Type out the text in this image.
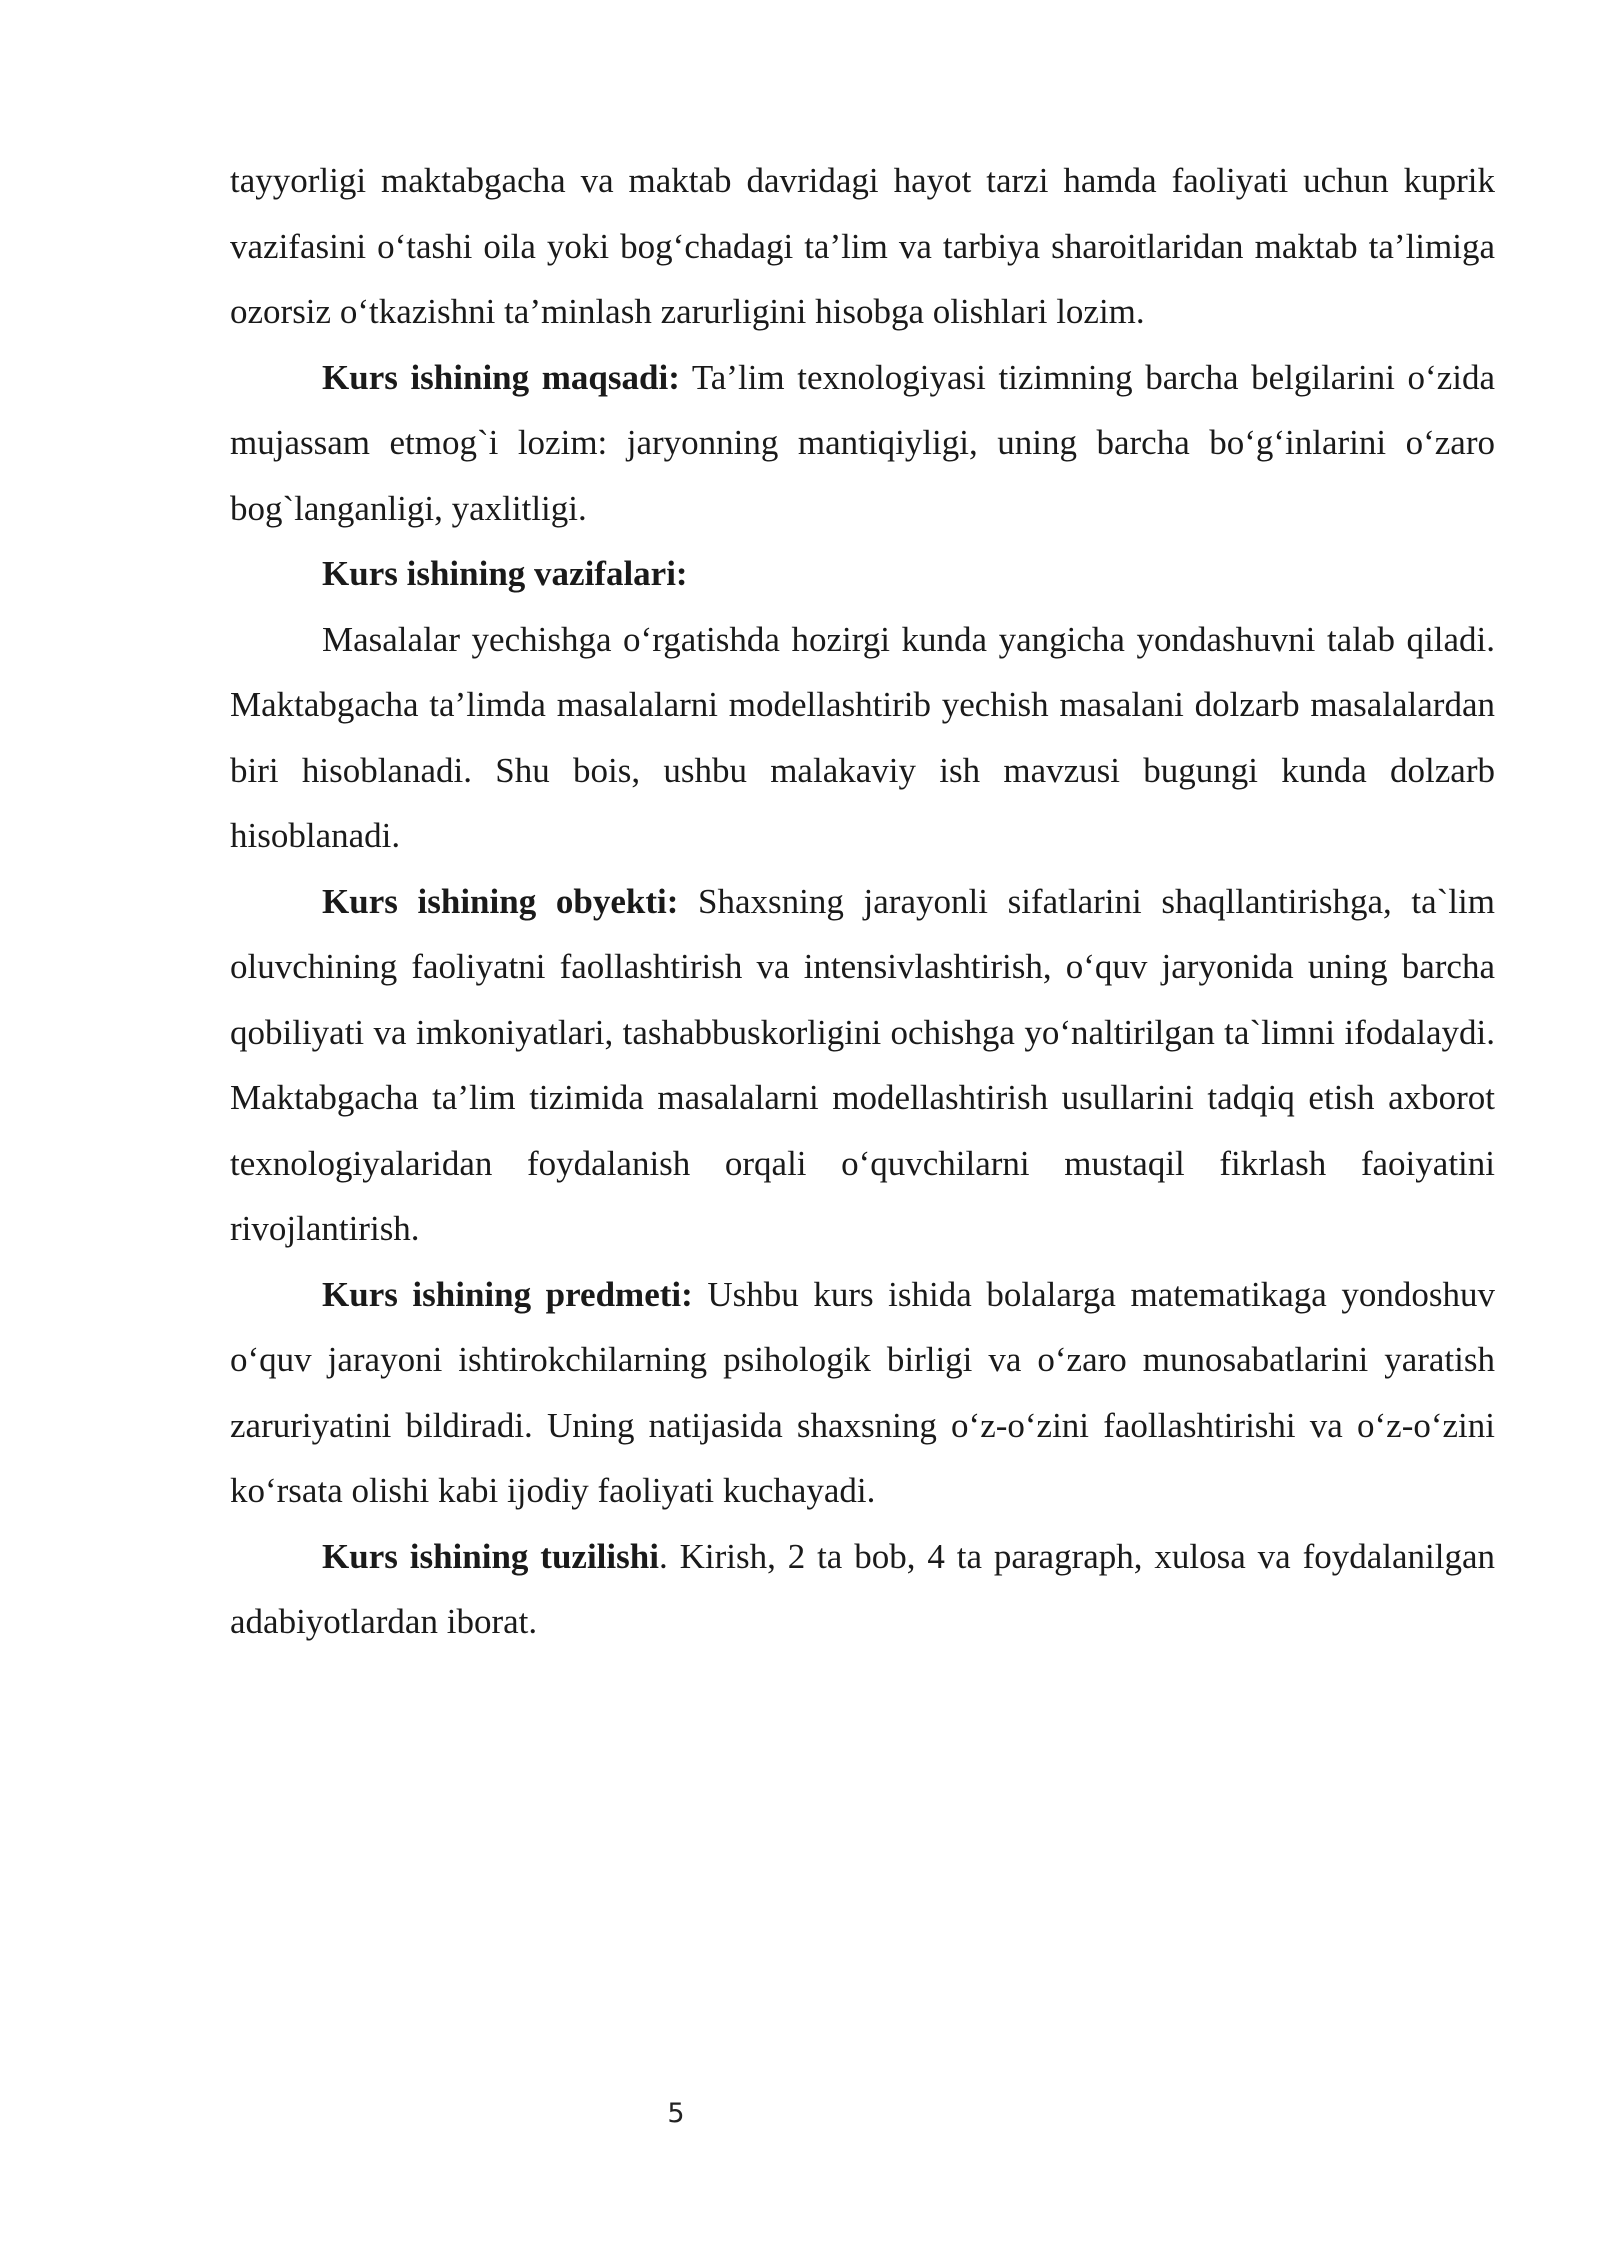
tayyorligi maktabgacha va maktab davridagi hayot tarzi hamda faoliyati uchun kuprik vazifasini o‘tashi oila yoki bog‘chadagi ta’lim va tarbiya sharoitlaridan maktab ta’limiga ozorsiz o‘tkazishni ta’minlash zarurligini hisobga olishlari lozim.

Kurs ishining maqsadi: Ta’lim texnologiyasi tizimning barcha belgilarini o‘zida mujassam etmog`i lozim: jaryonning mantiqiyligi, uning barcha bo‘g‘inlarini o‘zaro bog`langanligi, yaxlitligi.

Kurs ishining vazifalari:

Masalalar yechishga o‘rgatishda hozirgi kunda yangicha yondashuvni talab qiladi. Maktabgacha ta’limda masalalarni modellashtirib yechish masalani dolzarb masalalardan biri hisoblanadi. Shu bois, ushbu malakaviy ish mavzusi bugungi kunda dolzarb hisoblanadi.

Kurs ishining obyekti: Shaxsning jarayonli sifatlarini shaqllantirishga, ta`lim oluvchining faoliyatni faollashtirish va intensivlashtirish, o‘quv jaryonida uning barcha qobiliyati va imkoniyatlari, tashabbuskorligini ochishga yo‘naltirilgan ta`limni ifodalaydi. Maktabgacha ta’lim tizimida masalalarni modellashtirish usullarini tadqiq etish axborot texnologiyalaridan foydalanish orqali o‘quvchilarni mustaqil fikrlash faoiyatini rivojlantirish.

Kurs ishining predmeti: Ushbu kurs ishida bolalarga matematikaga yondoshuv o‘quv jarayoni ishtirokchilarning psihologik birligi va o‘zaro munosabatlarini yaratish zaruriyatini bildiradi. Uning natijasida shaxsning o‘z-o‘zini faollashtirishi va o‘z-o‘zini ko‘rsata olishi kabi ijodiy faoliyati kuchayadi.

Kurs ishining tuzilishi. Kirish, 2 ta bob, 4 ta paragraph, xulosa va foydalanilgan adabiyotlardan iborat.

5
